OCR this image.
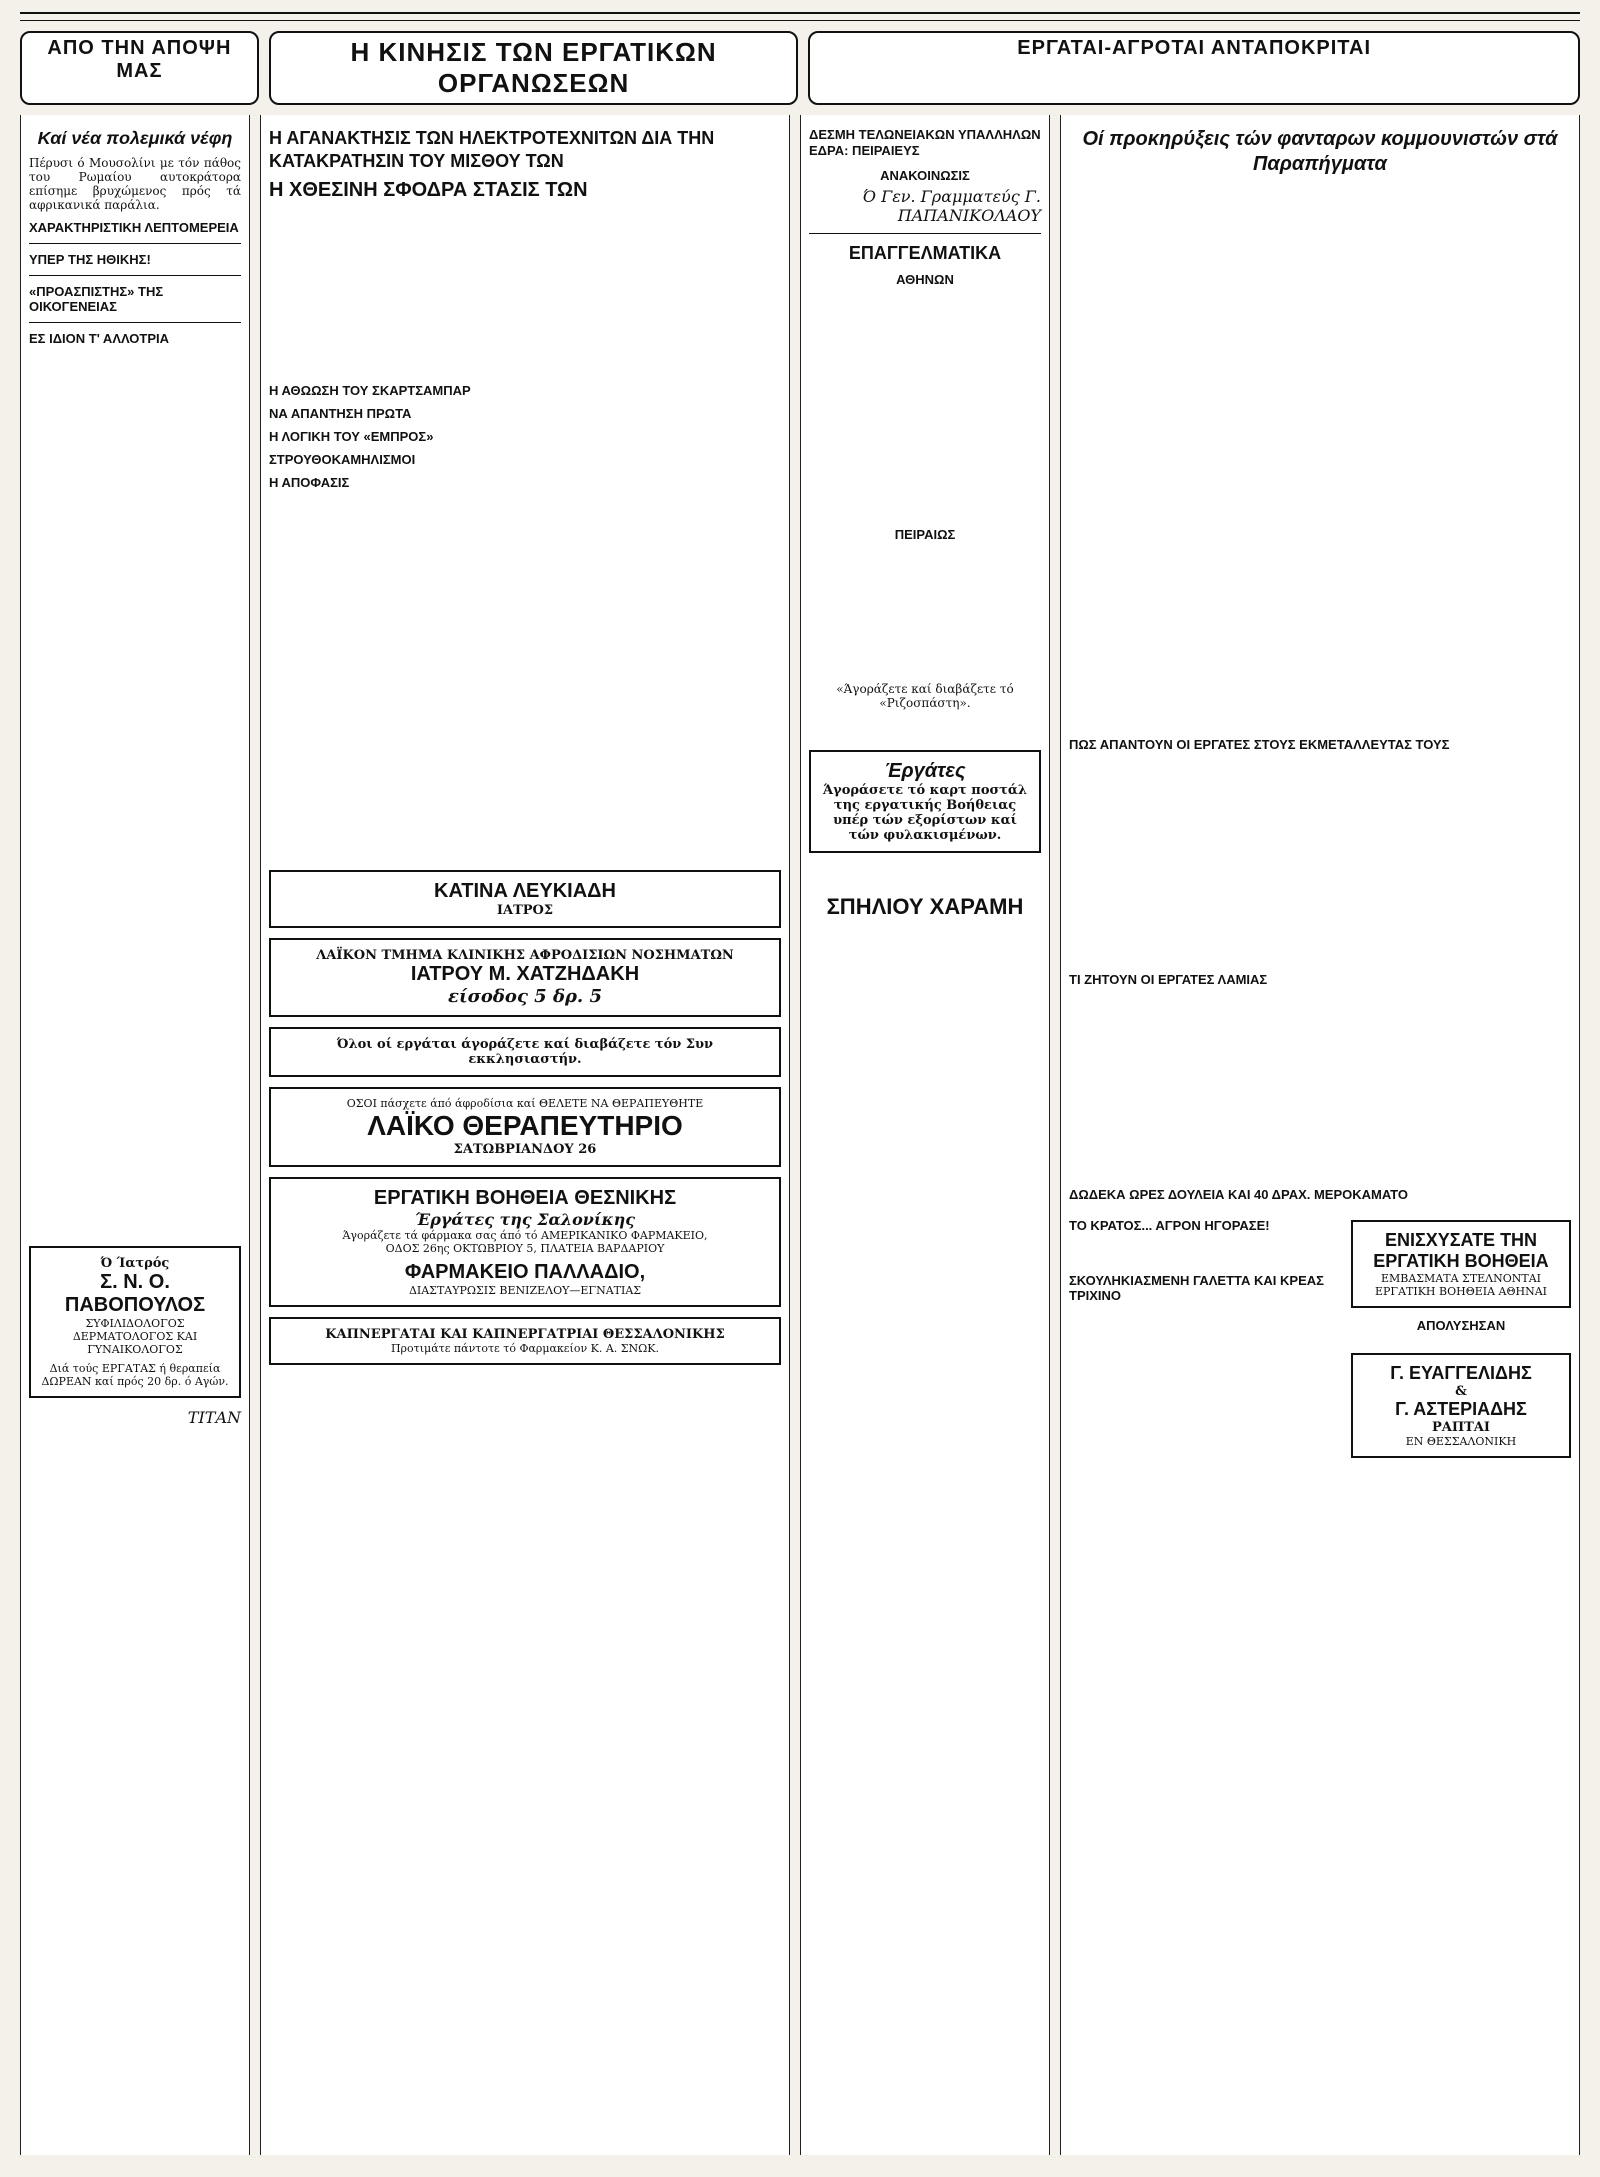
ΑΠΟ ΤΗΝ ΑΠΟΨΗ ΜΑΣ
Η ΚΙΝΗΣΙΣ ΤΩΝ ΕΡΓΑΤΙΚΩΝ ΟΡΓΑΝΩΣΕΩΝ
ΕΡΓΑΤΑΙ-ΑΓΡΟΤΑΙ ΑΝΤΑΠΟΚΡΙΤΑΙ
Καί νέα πολεμικά νέφη

Πέρυσι ό Μουσολίνι με τόν πάθος του Ρωμαίου αυτοκράτορα επίσημε βρυχώμενος πρός τά αφρικανικά παράλια.

ΧΑΡΑΚΤΗΡΙΣΤΙΚΗ ΛΕΠΤΟΜΕΡΕΙΑ
ΥΠΕΡ ΤΗΣ ΗΘΙΚΗΣ!
«ΠΡΟΑΣΠΙΣΤΗΣ» ΤΗΣ ΟΙΚΟΓΕΝΕΙΑΣ
ΕΣ ΙΔΙΟΝ Τ' ΑΛΛΟΤΡΙΑ
Ό Ίατρός
Σ. Ν. Ο. ΠΑΒΟΠΟΥΛΟΣ
ΣΥΦΙΛΙΔΟΛΟΓΟΣ ΔΕΡΜΑΤΟΛΟΓΟΣ ΚΑΙ ΓΥΝΑΙΚΟΛΟΓΟΣ
Διά τούς ΕΡΓΑΤΑΣ ή θεραπεία ΔΩΡΕΑΝ καί πρός 20 δρ. ό Αγών.
ΤΙΤΑΝ
Η ΑΓΑΝΑΚΤΗΣΙΣ ΤΩΝ ΗΛΕΚΤΡΟΤΕΧΝΙΤΩΝ ΔΙΑ ΤΗΝ ΚΑΤΑΚΡΑΤΗΣΙΝ ΤΟΥ ΜΙΣΘΟΥ ΤΩΝ
Η ΧΘΕΣΙΝΗ ΣΦΟΔΡΑ ΣΤΑΣΙΣ ΤΩΝ
Η ΑΘΩΩΣΗ ΤΟΥ ΣΚΑΡΤΣΑΜΠΑΡ
ΝΑ ΑΠΑΝΤΗΣΗ ΠΡΩΤΑ
Η ΛΟΓΙΚΗ ΤΟΥ «ΕΜΠΡΟΣ»
ΣΤΡΟΥΘΟΚΑΜΗΛΙΣΜΟΙ
Η ΑΠΟΦΑΣΙΣ
ΚΑΤΙΝΑ ΛΕΥΚΙΑΔΗ
ΙΑΤΡΟΣ
ΛΑΪΚΟΝ ΤΜΗΜΑ ΚΛΙΝΙΚΗΣ ΑΦΡΟΔΙΣΙΩΝ ΝΟΣΗΜΑΤΩΝ
ΙΑΤΡΟΥ Μ. ΧΑΤΖΗΔΑΚΗ
είσοδος 5 δρ. 5
Όλοι οί εργάται άγοράζετε καί διαβάζετε τόν Συν εκκλησιαστήν.
ΟΣΟΙ πάσχετε άπό άφροδίσια καί ΘΕΛΕΤΕ ΝΑ ΘΕΡΑΠΕΥΘΗΤΕ
ΛΑΪΚΟ ΘΕΡΑΠΕΥΤΗΡΙΟ
ΣΑΤΩΒΡΙΑΝΔΟΥ 26
ΕΡΓΑΤΙΚΗ ΒΟΗΘΕΙΑ ΘΕΣΝΙΚΗΣ
Έργάτες της Σαλονίκης
Άγοράζετε τά φάρμακα σας άπό τό ΑΜΕΡΙΚΑΝΙΚΟ ΦΑΡΜΑΚΕΙΟ,
ΟΔΟΣ 26ης ΟΚΤΩΒΡΙΟΥ 5, ΠΛΑΤΕΙΑ ΒΑΡΔΑΡΙΟΥ
ΦΑΡΜΑΚΕΙΟ ΠΑΛΛΑΔΙΟ,
ΔΙΑΣΤΑΥΡΩΣΙΣ ΒΕΝΙΖΕΛΟΥ—ΕΓΝΑΤΙΑΣ
ΚΑΠΝΕΡΓΑΤΑΙ ΚΑΙ ΚΑΠΝΕΡΓΑΤΡΙΑΙ ΘΕΣΣΑΛΟΝΙΚΗΣ
Προτιμάτε πάντοτε τό Φαρμακείον Κ. Α. ΣΝΩΚ.
ΔΕΣΜΗ ΤΕΛΩΝΕΙΑΚΩΝ ΥΠΑΛΛΗΛΩΝ ΕΔΡΑ: ΠΕΙΡΑΙΕΥΣ
ΑΝΑΚΟΙΝΩΣΙΣ
Ό Γεν. Γραμματεύς Γ. ΠΑΠΑΝΙΚΟΛΑΟΥ
ΕΠΑΓΓΕΛΜΑΤΙΚΑ
ΑΘΗΝΩΝ
ΠΕΙΡΑΙΩΣ
«Άγοράζετε καί διαβάζετε τό «Ριζοσπάστη».
Έργάτες
Άγοράσετε τό καρτ ποστάλ της εργατικής Βοήθειας υπέρ τών εξορίστων καί τών φυλακισμένων.
ΣΠΗΛΙΟΥ ΧΑΡΑΜΗ
Οί προκηρύξεις τών φανταρων κομμουνιστών στά Παραπήγματα
ΠΩΣ ΑΠΑΝΤΟΥΝ ΟΙ ΕΡΓΑΤΕΣ ΣΤΟΥΣ ΕΚΜΕΤΑΛΛΕΥΤΑΣ ΤΟΥΣ
ΤΙ ΖΗΤΟΥΝ ΟΙ ΕΡΓΑΤΕΣ ΛΑΜΙΑΣ
ΔΩΔΕΚΑ ΩΡΕΣ ΔΟΥΛΕΙΑ ΚΑΙ 40 ΔΡΑΧ. ΜΕΡΟΚΑΜΑΤΟ
ΤΟ ΚΡΑΤΟΣ... ΑΓΡΟΝ ΗΓΟΡΑΣΕ!
ΣΚΟΥΛΗΚΙΑΣΜΕΝΗ ΓΑΛΕΤΤΑ ΚΑΙ ΚΡΕΑΣ ΤΡΙΧΙΝΟ
ΕΝΙΣΧΥΣΑΤΕ ΤΗΝ ΕΡΓΑΤΙΚΗ ΒΟΗΘΕΙΑ
ΕΜΒΑΣΜΑΤΑ ΣΤΕΛΝΟΝΤΑΙ ΕΡΓΑΤΙΚΗ ΒΟΗΘΕΙΑ ΑΘΗΝΑΙ
ΑΠΟΛΥΣΗΣΑΝ
Γ. ΕΥΑΓΓΕΛΙΔΗΣ
&
Γ. ΑΣΤΕΡΙΑΔΗΣ
ΡΑΠΤΑΙ
ΕΝ ΘΕΣΣΑΛΟΝΙΚΗ
